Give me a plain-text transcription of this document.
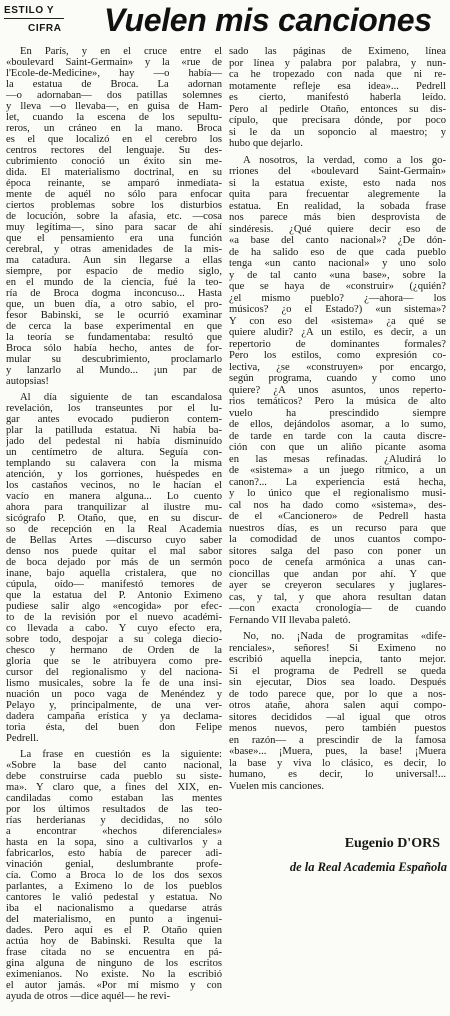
ESTILO Y
CIFRA Vuelen mis canciones
En París, y en el cruce entre el
«boulevard Saint-Germain» y la «rue de
l'Ecole-de-Medicine», hay —o había—
la estatua de Broca. La adornan
—o adornaban— dos patillas solemnes
y lleva —o llevaba—, en guisa de Ham-
let, cuando la escena de los sepultu-
reros, un cráneo en la mano. Broca
es el que localizó en el cerebro los
centros rectores del lenguaje. Su des-
cubrimiento conoció un éxito sin me-
dida. El materialismo doctrinal, en su
época reinante, se amparó inmediata-
mente de aquél no sólo para enfocar
ciertos problemas sobre los disturbios
de locución, sobre la afasia, etc. —cosa
muy legítima—, sino para sacar de ahí
que el pensamiento era una función
cerebral, y otras amenidades de la mis-
ma catadura. Aun sin llegarse a ellas
siempre, por espacio de medio siglo,
en el mundo de la ciencia, fué la teo-
ría de Broca dogma inconcuso... Hasta
que, un buen día, a otro sabio, el pro-
fesor Babinski, se le ocurrió examinar
de cerca la base experimental en que
la teoría se fundamentaba: resultó que
Broca sólo había hecho, antes de for-
mular su descubrimiento, proclamarlo
y lanzarlo al Mundo... ¡un par de
autopsias!
Al día siguiente de tan escandalosa
revelación, los transeuntes por el lu-
gar antes evocado pudieron contem-
plar la patilluda estatua. Ni había ba-
jado del pedestal ni había disminuído
un centímetro de altura. Seguía con-
templando su calavera con la misma
atención, y los gorriones, huéspedes en
los castaños vecinos, no le hacían el
vacío en manera alguna... Lo cuento
ahora para tranquilizar al ilustre mu-
sicógrafo P. Otaño, que, en su discur-
so de recepción en la Real Academia
de Bellas Artes —discurso cuyo saber
denso nos puede quitar el mal sabor
de boca dejado por más de un sermón
inane, bajo aquella cristalera, que no
cúpula, oído— manifestó temores de
que la estatua del P. Antonio Eximeno
pudiese salir algo «encogida» por efec-
to de la revisión por el nuevo académi-
co llevada a cabo. Y cuyo efecto era,
sobre todo, despojar a su colega diecio-
chesco y hermano de Orden de la
gloria que se le atribuyera como pre-
cursor del regionalismo y del naciona-
lismo musicales, sobre la fe de una insi-
nuación un poco vaga de Menéndez y
Pelayo y, principalmente, de una ver-
dadera campaña erística y ya declama-
toria ésta, del buen don Felipe
Pedrell.
La frase en cuestión es la siguiente:
«Sobre la base del canto nacional,
debe construirse cada pueblo su siste-
ma». Y claro que, a fines del XIX, en-
candiladas como estaban las mentes
por los últimos resultados de las teo-
rías herderianas y decididas, no sólo
a encontrar «hechos diferenciales»
hasta en la sopa, sino a cultivarlos y a
fabricarlos, esto había de parecer adi-
vinación genial, deslumbrante profe-
cía. Como a Broca lo de los dos sexos
parlantes, a Eximeno lo de los pueblos
cantores le valió pedestal y estatua. No
iba el nacionalismo a quedarse atrás
del materialismo, en punto a ingenui-
dades. Pero aquí es el P. Otaño quien
actúa hoy de Babinski. Resulta que la
frase citada no se encuentra en pá-
gina alguna de ninguno de los escritos
eximenianos. No existe. No la escribió
el autor jamás. «Por mí mismo y con
ayuda de otros —dice aquél— he revi-
sado las páginas de Eximeno, línea
por línea y palabra por palabra, y nun-
ca he tropezado con nada que ni re-
motamente refleje esa idea»... Pedrell
es cierto, manifestó haberla leído.
Pero al pedirle Otaño, entonces su dis-
cípulo, que precisara dónde, por poco
si le da un soponcio al maestro; y
hubo que dejarlo.
A nosotros, la verdad, como a los go-
rriones del «boulevard Saint-Germain»
si la estatua existe, esto nada nos
quita para frecuentar alegremente la
estatua. En realidad, la sobada frase
nos parece más bien desprovista de
sindéresis. ¿Qué quiere decir eso de
«a base del canto nacional»? ¿De dón-
de ha salido eso de que cada pueblo
tenga «un canto nacional» y uno solo
y de tal canto «una base», sobre la
que se haya de «construir» (¿quién?
¿el mismo pueblo? ¿—ahora— los
músicos? ¿o el Estado?) «un sistema»?
Y con eso del «sistema» ¿a qué se
quiere aludir? ¿A un estilo, es decir, a un
repertorio de dominantes formales?
Pero los estilos, como expresión co-
lectiva, ¿se «construyen» por encargo,
según programa, cuando y como uno
quiere? ¿A unos asuntos, unos reperto-
rios temáticos? Pero la música de alto
vuelo ha prescindido siempre
de ellos, dejándolos asomar, a lo sumo,
de tarde en tarde con la cauta discre-
ción con que un aliño picante asoma
en las mesas refinadas. ¿Aludirá lo
de «sistema» a un juego rítmico, a un
canon?... La experiencia está hecha,
y lo único que el regionalismo musi-
cal nos ha dado como «sistema», des-
de el «Cancionero» de Pedrell hasta
nuestros días, es un recurso para que
la comodidad de unos cuantos compo-
sitores salga del paso con poner un
poco de cenefa armónica a unas can-
cioncillas que andan por ahí. Y que
ayer se creyeron seculares y juglares-
cas, y tal, y que ahora resultan datan
—con exacta cronología— de cuando
Fernando VII llevaba paletó.
No, no. ¡Nada de programitas «dife-
renciales», señores! Si Eximeno no
escribió aquella inepcia, tanto mejor.
Si el programa de Pedrell se queda
sin ejecutar, Dios sea loado. Después
de todo parece que, por lo que a nos-
otros atañe, ahora salen aquí compo-
sitores decididos —al igual que otros
menos nuevos, pero también puestos
en razón— a prescindir de la famosa
«base»... ¡Muera, pues, la base! ¡Muera
la base y viva lo clásico, es decir, lo
humano, es decir, lo universal!...
Vuelen mis canciones.
Eugenio D'ORS
de la Real Academia Española
